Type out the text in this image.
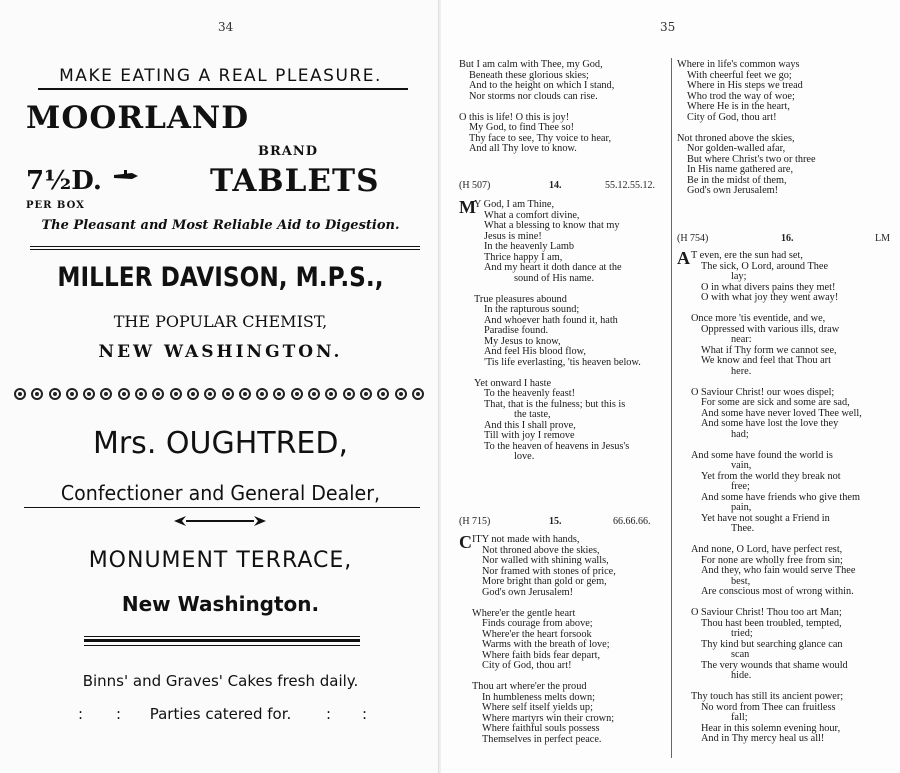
34
MAKE EATING A REAL PLEASURE.
MOORLAND
BRAND
7½D.	TABLETS
PER BOX
The Pleasant and Most Reliable Aid to Digestion.
MILLER DAVISON, M.P.S.,
THE POPULAR CHEMIST,
NEW WASHINGTON.
Mrs. OUGHTRED,
Confectioner and General Dealer,
MONUMENT TERRACE,
New Washington.
Binns' and Graves' Cakes fresh daily.
: :	Parties catered for.	: :
35
But I am calm with Thee, my God,
Beneath these glorious skies;
And to the height on which I stand,
Nor storms nor clouds can rise.
O this is life! O this is joy!
My God, to find Thee so!
Thy face to see, Thy voice to hear,
And all Thy love to know.
(H 507)	14.	55.12.55.12.
M
Y God, I am Thine,
What a comfort divine,
What a blessing to know that my
Jesus is mine!
In the heavenly Lamb
Thrice happy I am,
And my heart it doth dance at the
sound of His name.
True pleasures abound
In the rapturous sound;
And whoever hath found it, hath
Paradise found.
My Jesus to know,
And feel His blood flow,
'Tis life everlasting, 'tis heaven below.
Yet onward I haste
To the heavenly feast!
That, that is the fulness; but this is
the taste,
And this I shall prove,
Till with joy I remove
To the heaven of heavens in Jesus's
love.
(H 715)	15.	66.66.66.
C ITY not made with hands,
Not throned above the skies,
Nor walled with shining walls,
Nor framed with stones of price,
More bright than gold or gem,
God's own Jerusalem!
Where'er the gentle heart
Finds courage from above;
Where'er the heart forsook
Warms with the breath of love;
Where faith bids fear depart,
City of God, thou art!
Thou art where'er the proud
In humbleness melts down;
Where self itself yields up;
Where martyrs win their crown;
Where faithful souls possess
Themselves in perfect peace.
Where in life's common ways
With cheerful feet we go;
Where in His steps we tread
Who trod the way of woe;
Where He is in the heart,
City of God, thou art!
Not throned above the skies,
Nor golden-walled afar,
But where Christ's two or three
In His name gathered are,
Be in the midst of them,
God's own Jerusalem!
(H 754)	16.	LM
A T even, ere the sun had set,
The sick, O Lord, around Thee
lay;
O in what divers pains they met!
O with what joy they went away!
Once more 'tis eventide, and we,
Oppressed with various ills, draw
near:
What if Thy form we cannot see,
We know and feel that Thou art
here.
O Saviour Christ! our woes dispel;
For some are sick and some are sad,
And some have never loved Thee well,
And some have lost the love they
had;
And some have found the world is
vain,
Yet from the world they break not
free;
And some have friends who give them
pain,
Yet have not sought a Friend in
Thee.
And none, O Lord, have perfect rest,
For none are wholly free from sin;
And they, who fain would serve Thee
best,
Are conscious most of wrong within.
O Saviour Christ! Thou too art Man;
Thou hast been troubled, tempted,
tried;
Thy kind but searching glance can
scan
The very wounds that shame would
hide.
Thy touch has still its ancient power;
No word from Thee can fruitless
fall;
Hear in this solemn evening hour,
And in Thy mercy heal us all!
